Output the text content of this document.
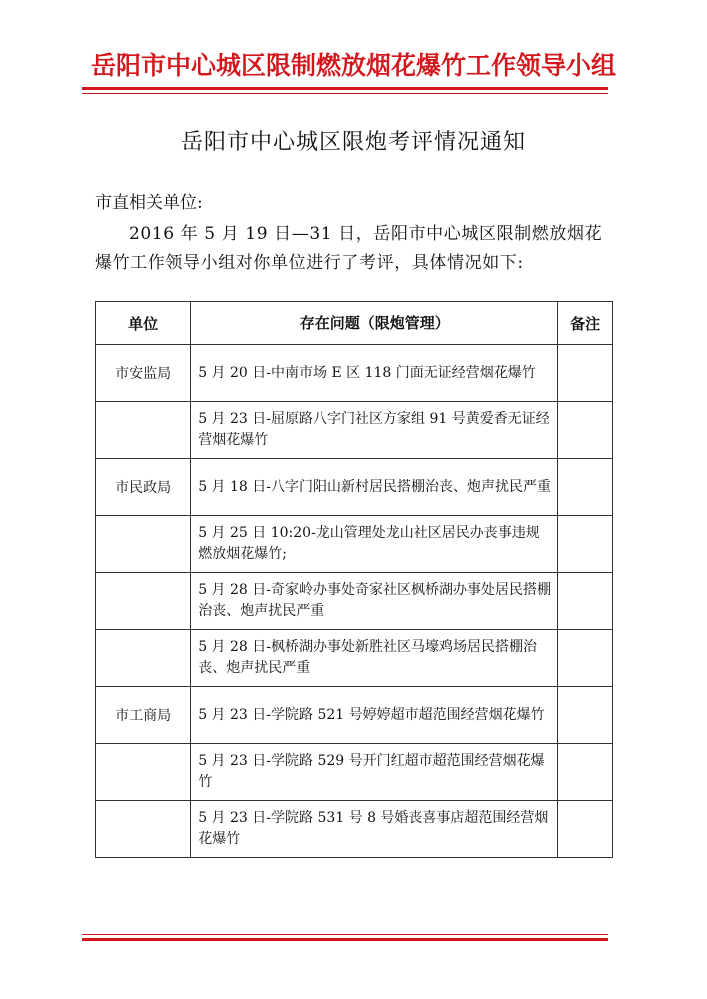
岳阳市中心城区限制燃放烟花爆竹工作领导小组
岳阳市中心城区限炮考评情况通知
市直相关单位:
2016 年 5 月 19 日—31 日，岳阳市中心城区限制燃放烟花爆竹工作领导小组对你单位进行了考评，具体情况如下:
单位	存在问题（限炮管理）	备注
市安监局	5 月 20 日-中南市场 E 区 118 门面无证经营烟花爆竹	
	5 月 23 日-屈原路八字门社区方家组 91 号黄爱香无证经营烟花爆竹	
市民政局	5 月 18 日-八字门阳山新村居民搭棚治丧、炮声扰民严重	
	5 月 25 日 10:20-龙山管理处龙山社区居民办丧事违规燃放烟花爆竹;	
	5 月 28 日-奇家岭办事处奇家社区枫桥湖办事处居民搭棚治丧、炮声扰民严重	
	5 月 28 日-枫桥湖办事处新胜社区马壕鸡场居民搭棚治丧、炮声扰民严重	
市工商局	5 月 23 日-学院路 521 号婷婷超市超范围经营烟花爆竹	
	5 月 23 日-学院路 529 号开门红超市超范围经营烟花爆竹	
	5 月 23 日-学院路 531 号 8 号婚丧喜事店超范围经营烟花爆竹	
